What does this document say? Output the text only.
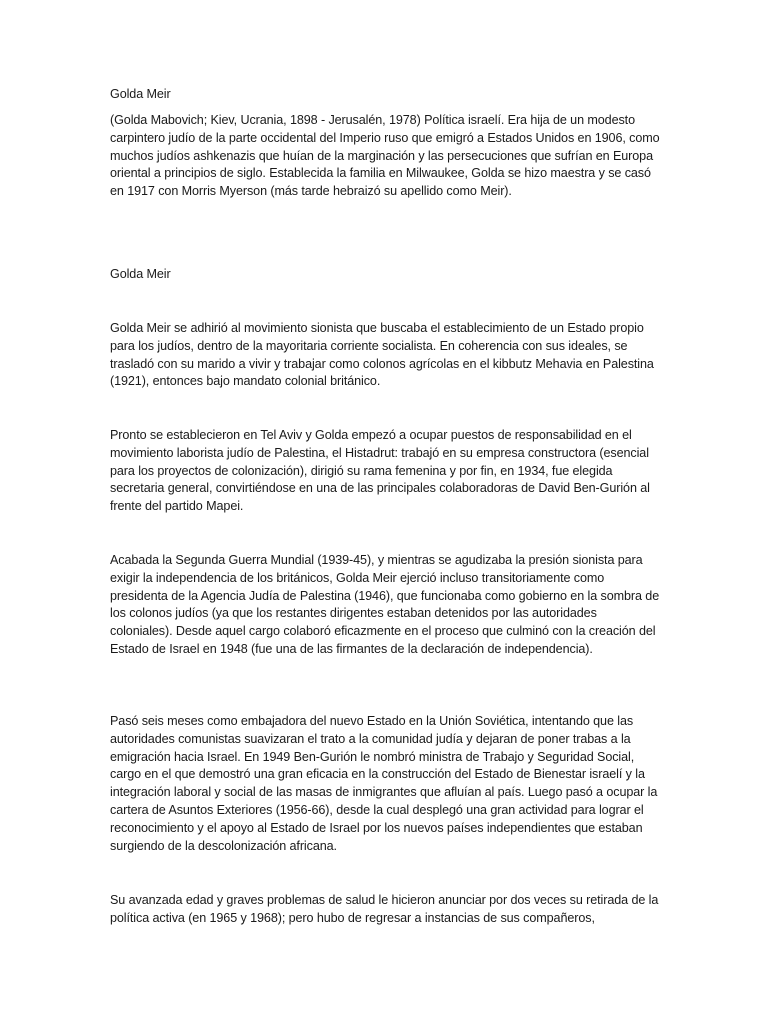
Golda Meir

(Golda Mabovich; Kiev, Ucrania, 1898 - Jerusalén, 1978) Política israelí. Era hija de un modesto carpintero judío de la parte occidental del Imperio ruso que emigró a Estados Unidos en 1906, como muchos judíos ashkenazis que huían de la marginación y las persecuciones que sufrían en Europa oriental a principios de siglo. Establecida la familia en Milwaukee, Golda se hizo maestra y se casó en 1917 con Morris Myerson (más tarde hebraizó su apellido como Meir).

Golda Meir

Golda Meir se adhirió al movimiento sionista que buscaba el establecimiento de un Estado propio para los judíos, dentro de la mayoritaria corriente socialista. En coherencia con sus ideales, se trasladó con su marido a vivir y trabajar como colonos agrícolas en el kibbutz Mehavia en Palestina (1921), entonces bajo mandato colonial británico.

Pronto se establecieron en Tel Aviv y Golda empezó a ocupar puestos de responsabilidad en el movimiento laborista judío de Palestina, el Histadrut: trabajó en su empresa constructora (esencial para los proyectos de colonización), dirigió su rama femenina y por fin, en 1934, fue elegida secretaria general, convirtiéndose en una de las principales colaboradoras de David Ben-Gurión al frente del partido Mapei.

Acabada la Segunda Guerra Mundial (1939-45), y mientras se agudizaba la presión sionista para exigir la independencia de los británicos, Golda Meir ejerció incluso transitoriamente como presidenta de la Agencia Judía de Palestina (1946), que funcionaba como gobierno en la sombra de los colonos judíos (ya que los restantes dirigentes estaban detenidos por las autoridades coloniales). Desde aquel cargo colaboró eficazmente en el proceso que culminó con la creación del Estado de Israel en 1948 (fue una de las firmantes de la declaración de independencia).

Pasó seis meses como embajadora del nuevo Estado en la Unión Soviética, intentando que las autoridades comunistas suavizaran el trato a la comunidad judía y dejaran de poner trabas a la emigración hacia Israel. En 1949 Ben-Gurión le nombró ministra de Trabajo y Seguridad Social, cargo en el que demostró una gran eficacia en la construcción del Estado de Bienestar israelí y la integración laboral y social de las masas de inmigrantes que afluían al país. Luego pasó a ocupar la cartera de Asuntos Exteriores (1956-66), desde la cual desplegó una gran actividad para lograr el reconocimiento y el apoyo al Estado de Israel por los nuevos países independientes que estaban surgiendo de la descolonización africana.

Su avanzada edad y graves problemas de salud le hicieron anunciar por dos veces su retirada de la política activa (en 1965 y 1968); pero hubo de regresar a instancias de sus compañeros,
